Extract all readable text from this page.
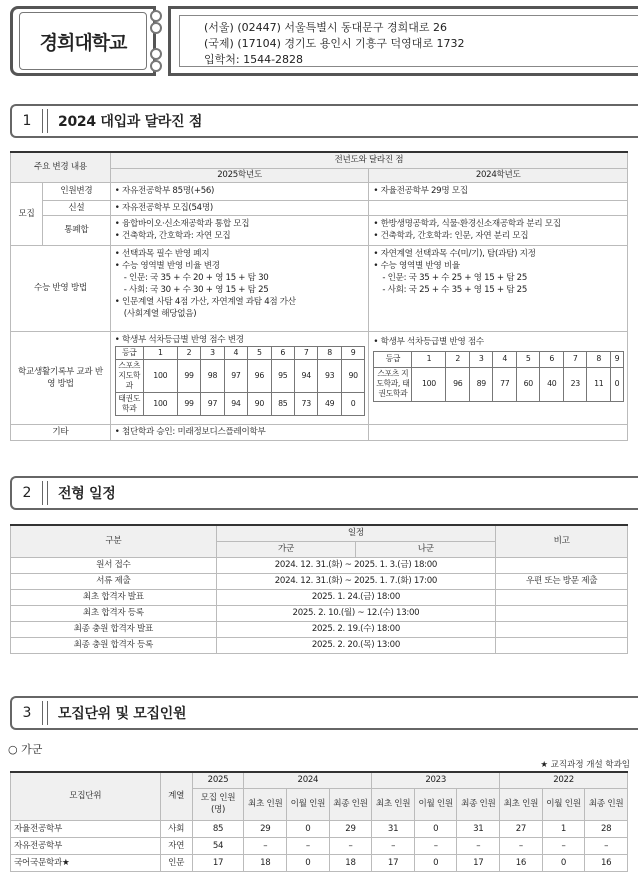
경희대학교
(서울) (02447) 서울특별시 동대문구 경희대로 26
(국제) (17104) 경기도 용인시 기흥구 덕영대로 1732
입학처: 1544-2828
1	2024 대입과 달라진 점
주요 변경 내용	전년도와 달라진 점
2025학년도	2024학년도
모집	인원변경	• 자유전공학부 85명(+56)	• 자율전공학부 29명 모집
신설	• 자유전공학부 모집(54명)	
통폐합	
• 융합바이오·신소재공학과 통합 모집
• 건축학과, 간호학과: 자연 모집

• 한방생명공학과, 식물·환경신소재공학과 분리 모집
• 건축학과, 간호학과: 인문, 자연 분리 모집

수능 반영 방법	
• 선택과목 필수 반영 폐지
• 수능 영역별 반영 비율 변경
- 인문: 국 35 + 수 20 + 영 15 + 탐 30
- 사회: 국 30 + 수 30 + 영 15 + 탐 25
• 인문계열 사탐 4점 가산, 자연계열 과탐 4점 가산
(사회계열 해당없음)

• 자연계열 선택과목 수(미/기), 탐(과탐) 지정
• 수능 영역별 반영 비율
- 인문: 국 35 + 수 25 + 영 15 + 탐 25
- 사회: 국 25 + 수 35 + 영 15 + 탐 25

학교생활기록부 교과 반영 방법	
• 학생부 석차등급별 반영 점수 변경
등급	1	2	3	4	5	6	7	8	9
스포츠 지도학과	100	99	98	97	96	95	94	93	90
태권도 학과	100	99	97	94	90	85	73	49	0

• 학생부 석차등급별 반영 점수
등급	1	2	3	4	5	6	7	8	9
스포츠 지도학과, 태권도학과	100	96	89	77	60	40	23	11	0

기타	• 첨단학과 승인: 미래정보디스플레이학부	
2	전형 일정
구분	일정		비고
	가군	나군	
원서 접수	2024. 12. 31.(화) ~ 2025. 1. 3.(금) 18:00		
서류 제출	2024. 12. 31.(화) ~ 2025. 1. 7.(화) 17:00		우편 또는 방문 제출
최초 합격자 발표	2025. 1. 24.(금) 18:00		
최초 합격자 등록	2025. 2. 10.(월) ~ 12.(수) 13:00		
최종 충원 합격자 발표	2025. 2. 19.(수) 18:00		
최종 충원 합격자 등록	2025. 2. 20.(목) 13:00		
3	모집단위 및 모집인원
○ 가군
★ 교직과정 개설 학과임
모집단위	계열	2025	2024			2023			2022		
		모집 인원(명)	최초 인원	이월 인원	최종 인원	최초 인원	이월 인원	최종 인원	최초 인원	이월 인원	최종 인원
자율전공학부	사회	85	29	0	29	31	0	31	27	1	28
자유전공학부	자연	54	–	–	–	–	–	–	–	–	–
국어국문학과★	인문	17	18	0	18	17	0	17	16	0	16
